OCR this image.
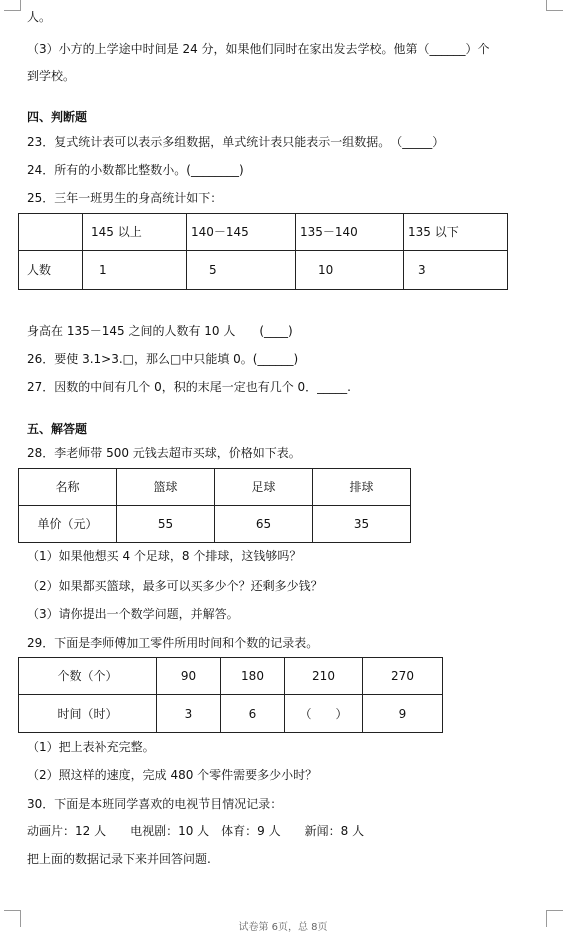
人。
（3）小方的上学途中时间是 24 分，如果他们同时在家出发去学校。他第（______）个
到学校。
四、判断题
23．复式统计表可以表示多组数据，单式统计表只能表示一组数据。　（_____）
24．所有的小数都比整数小。(________)
25．三年一班男生的身高统计如下：
	145 以上	140－145	135－140	135 以下
人数	1	5	10	3
身高在 135－145 之间的人数有 10 人　　(____)
26．要使 3.1>3.□，那么□中只能填 0。(______)
27．因数的中间有几个 0，积的末尾一定也有几个 0．_____.
五、解答题
28．李老师带 500 元钱去超市买球，价格如下表。
名称	篮球	足球	排球
单价（元）	55	65	35
（1）如果他想买 4 个足球，8 个排球，这钱够吗？
（2）如果都买篮球，最多可以买多少个？还剩多少钱？
（3）请你提出一个数学问题，并解答。
29．下面是李师傅加工零件所用时间和个数的记录表。
个数（个）	90	180	210	270
时间（时）	3	6	（　　）	9
（1）把上表补充完整。
（2）照这样的速度，完成 480 个零件需要多少小时？
30．下面是本班同学喜欢的电视节目情况记录：
动画片：12 人　　电视剧：10 人　体育：9 人　　新闻：8 人
把上面的数据记录下来并回答问题.
试卷第 6页，总 8页
